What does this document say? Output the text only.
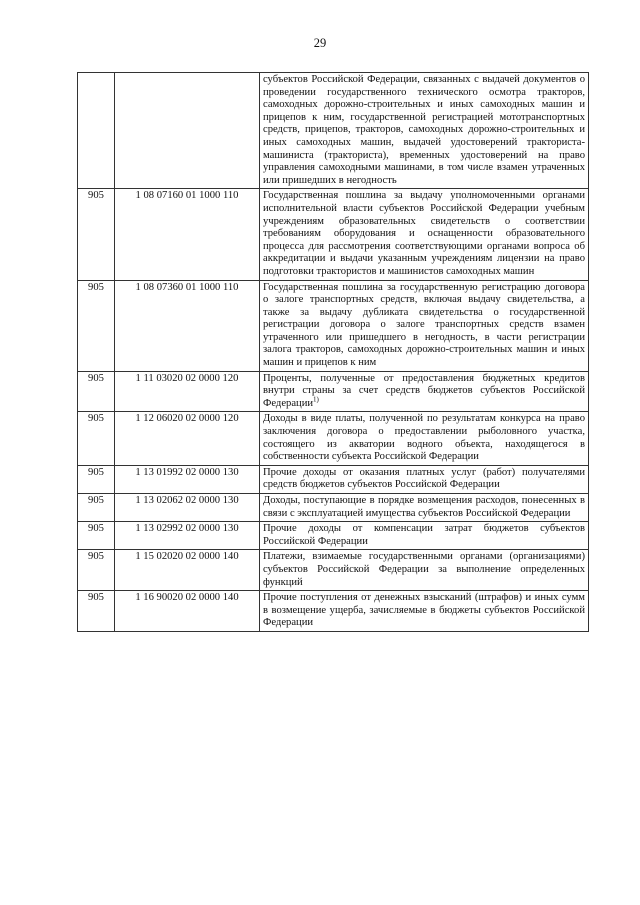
29
		субъектов Российской Федерации, связанных с выдачей документов о проведении государственного технического осмотра тракторов, самоходных дорожно-строительных и иных самоходных машин и прицепов к ним, государственной регистрацией мототранспортных средств, прицепов, тракторов, самоходных дорожно-строительных и иных самоходных машин, выдачей удостоверений тракториста-машиниста (тракториста), временных удостоверений на право управления самоходными машинами, в том числе взамен утраченных или пришедших в негодность
905	1 08 07160 01 1000 110	Государственная пошлина за выдачу уполномоченными органами исполнительной власти субъектов Российской Федерации учебным учреждениям образовательных свидетельств о соответствии требованиям оборудования и оснащенности образовательного процесса для рассмотрения соответствующими органами вопроса об аккредитации и выдачи указанным учреждениям лицензии на право подготовки трактористов и машинистов самоходных машин
905	1 08 07360 01 1000 110	Государственная пошлина за государственную регистрацию договора о залоге транспортных средств, включая выдачу свидетельства, а также за выдачу дубликата свидетельства о государственной регистрации договора о залоге транспортных средств взамен утраченного или пришедшего в негодность, в части регистрации залога тракторов, самоходных дорожно-строительных машин и иных машин и прицепов к ним
905	1 11 03020 02 0000 120	Проценты, полученные от предоставления бюджетных кредитов внутри страны за счет средств бюджетов субъектов Российской Федерации$^{1)}$
905	1 12 06020 02 0000 120	Доходы в виде платы, полученной по результатам конкурса на право заключения договора о предоставлении рыболовного участка, состоящего из акватории водного объекта, находящегося в собственности субъекта Российской Федерации
905	1 13 01992 02 0000 130	Прочие доходы от оказания платных услуг (работ) получателями средств бюджетов субъектов Российской Федерации
905	1 13 02062 02 0000 130	Доходы, поступающие в порядке возмещения расходов, понесенных в связи с эксплуатацией имущества субъектов Российской Федерации
905	1 13 02992 02 0000 130	Прочие доходы от компенсации затрат бюджетов субъектов Российской Федерации
905	1 15 02020 02 0000 140	Платежи, взимаемые государственными органами (организациями) субъектов Российской Федерации за выполнение определенных функций
905	1 16 90020 02 0000 140	Прочие поступления от денежных взысканий (штрафов) и иных сумм в возмещение ущерба, зачисляемые в бюджеты субъектов Российской Федерации
